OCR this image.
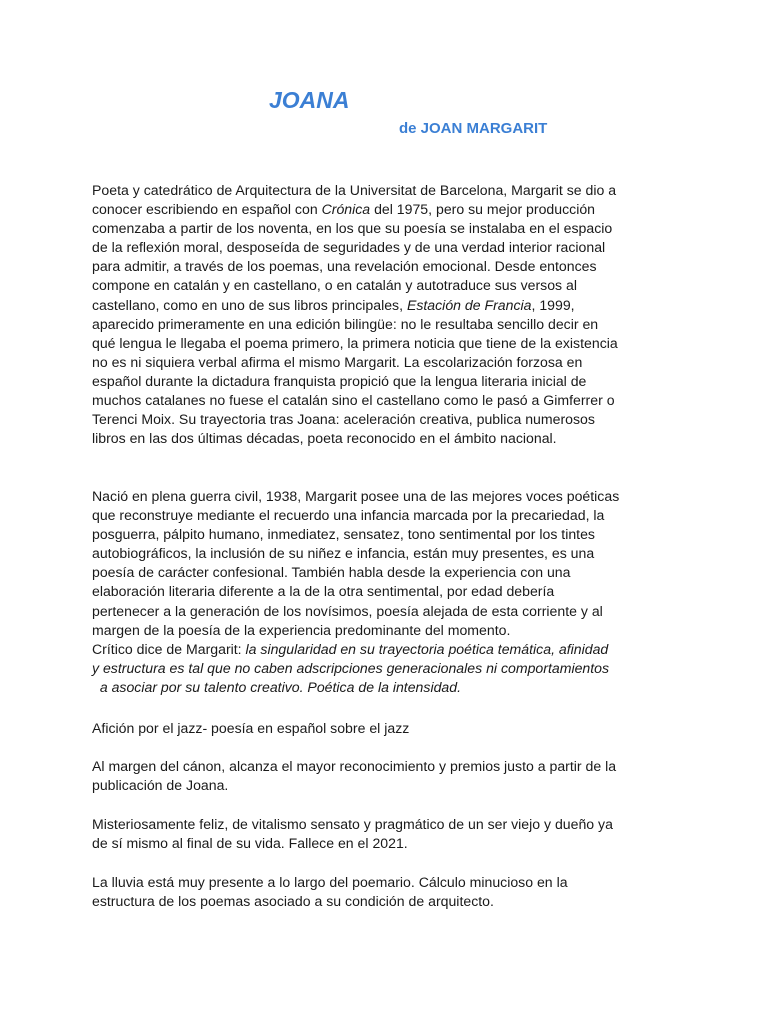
JOANA
de JOAN MARGARIT

Poeta y catedrático de Arquitectura de la Universitat de Barcelona, Margarit se dio a
conocer escribiendo en español con Crónica del 1975, pero su mejor producción
comenzaba a partir de los noventa, en los que su poesía se instalaba en el espacio
de la reflexión moral, desposeída de seguridades y de una verdad interior racional
para admitir, a través de los poemas, una revelación emocional. Desde entonces
compone en catalán y en castellano, o en catalán y autotraduce sus versos al
castellano, como en uno de sus libros principales, Estación de Francia, 1999,
aparecido primeramente en una edición bilingüe: no le resultaba sencillo decir en
qué lengua le llegaba el poema primero, la primera noticia que tiene de la existencia
no es ni siquiera verbal afirma el mismo Margarit. La escolarización forzosa en
español durante la dictadura franquista propició que la lengua literaria inicial de
muchos catalanes no fuese el catalán sino el castellano como le pasó a Gimferrer o
Terenci Moix. Su trayectoria tras Joana: aceleración creativa, publica numerosos
libros en las dos últimas décadas, poeta reconocido en el ámbito nacional.

Nació en plena guerra civil, 1938, Margarit posee una de las mejores voces poéticas
que reconstruye mediante el recuerdo una infancia marcada por la precariedad, la
posguerra, pálpito humano, inmediatez, sensatez, tono sentimental por los tintes
autobiográficos, la inclusión de su niñez e infancia, están muy presentes, es una
poesía de carácter confesional. También habla desde la experiencia con una
elaboración literaria diferente a la de la otra sentimental, por edad debería
pertenecer a la generación de los novísimos, poesía alejada de esta corriente y al
margen de la poesía de la experiencia predominante del momento.
Crítico dice de Margarit: la singularidad en su trayectoria poética temática, afinidad
y estructura es tal que no caben adscripciones generacionales ni comportamientos
a asociar por su talento creativo. Poética de la intensidad.

Afición por el jazz- poesía en español sobre el jazz

Al margen del cánon, alcanza el mayor reconocimiento y premios justo a partir de la
publicación de Joana.

Misteriosamente feliz, de vitalismo sensato y pragmático de un ser viejo y dueño ya
de sí mismo al final de su vida. Fallece en el 2021.

La lluvia está muy presente a lo largo del poemario. Cálculo minucioso en la
estructura de los poemas asociado a su condición de arquitecto.
